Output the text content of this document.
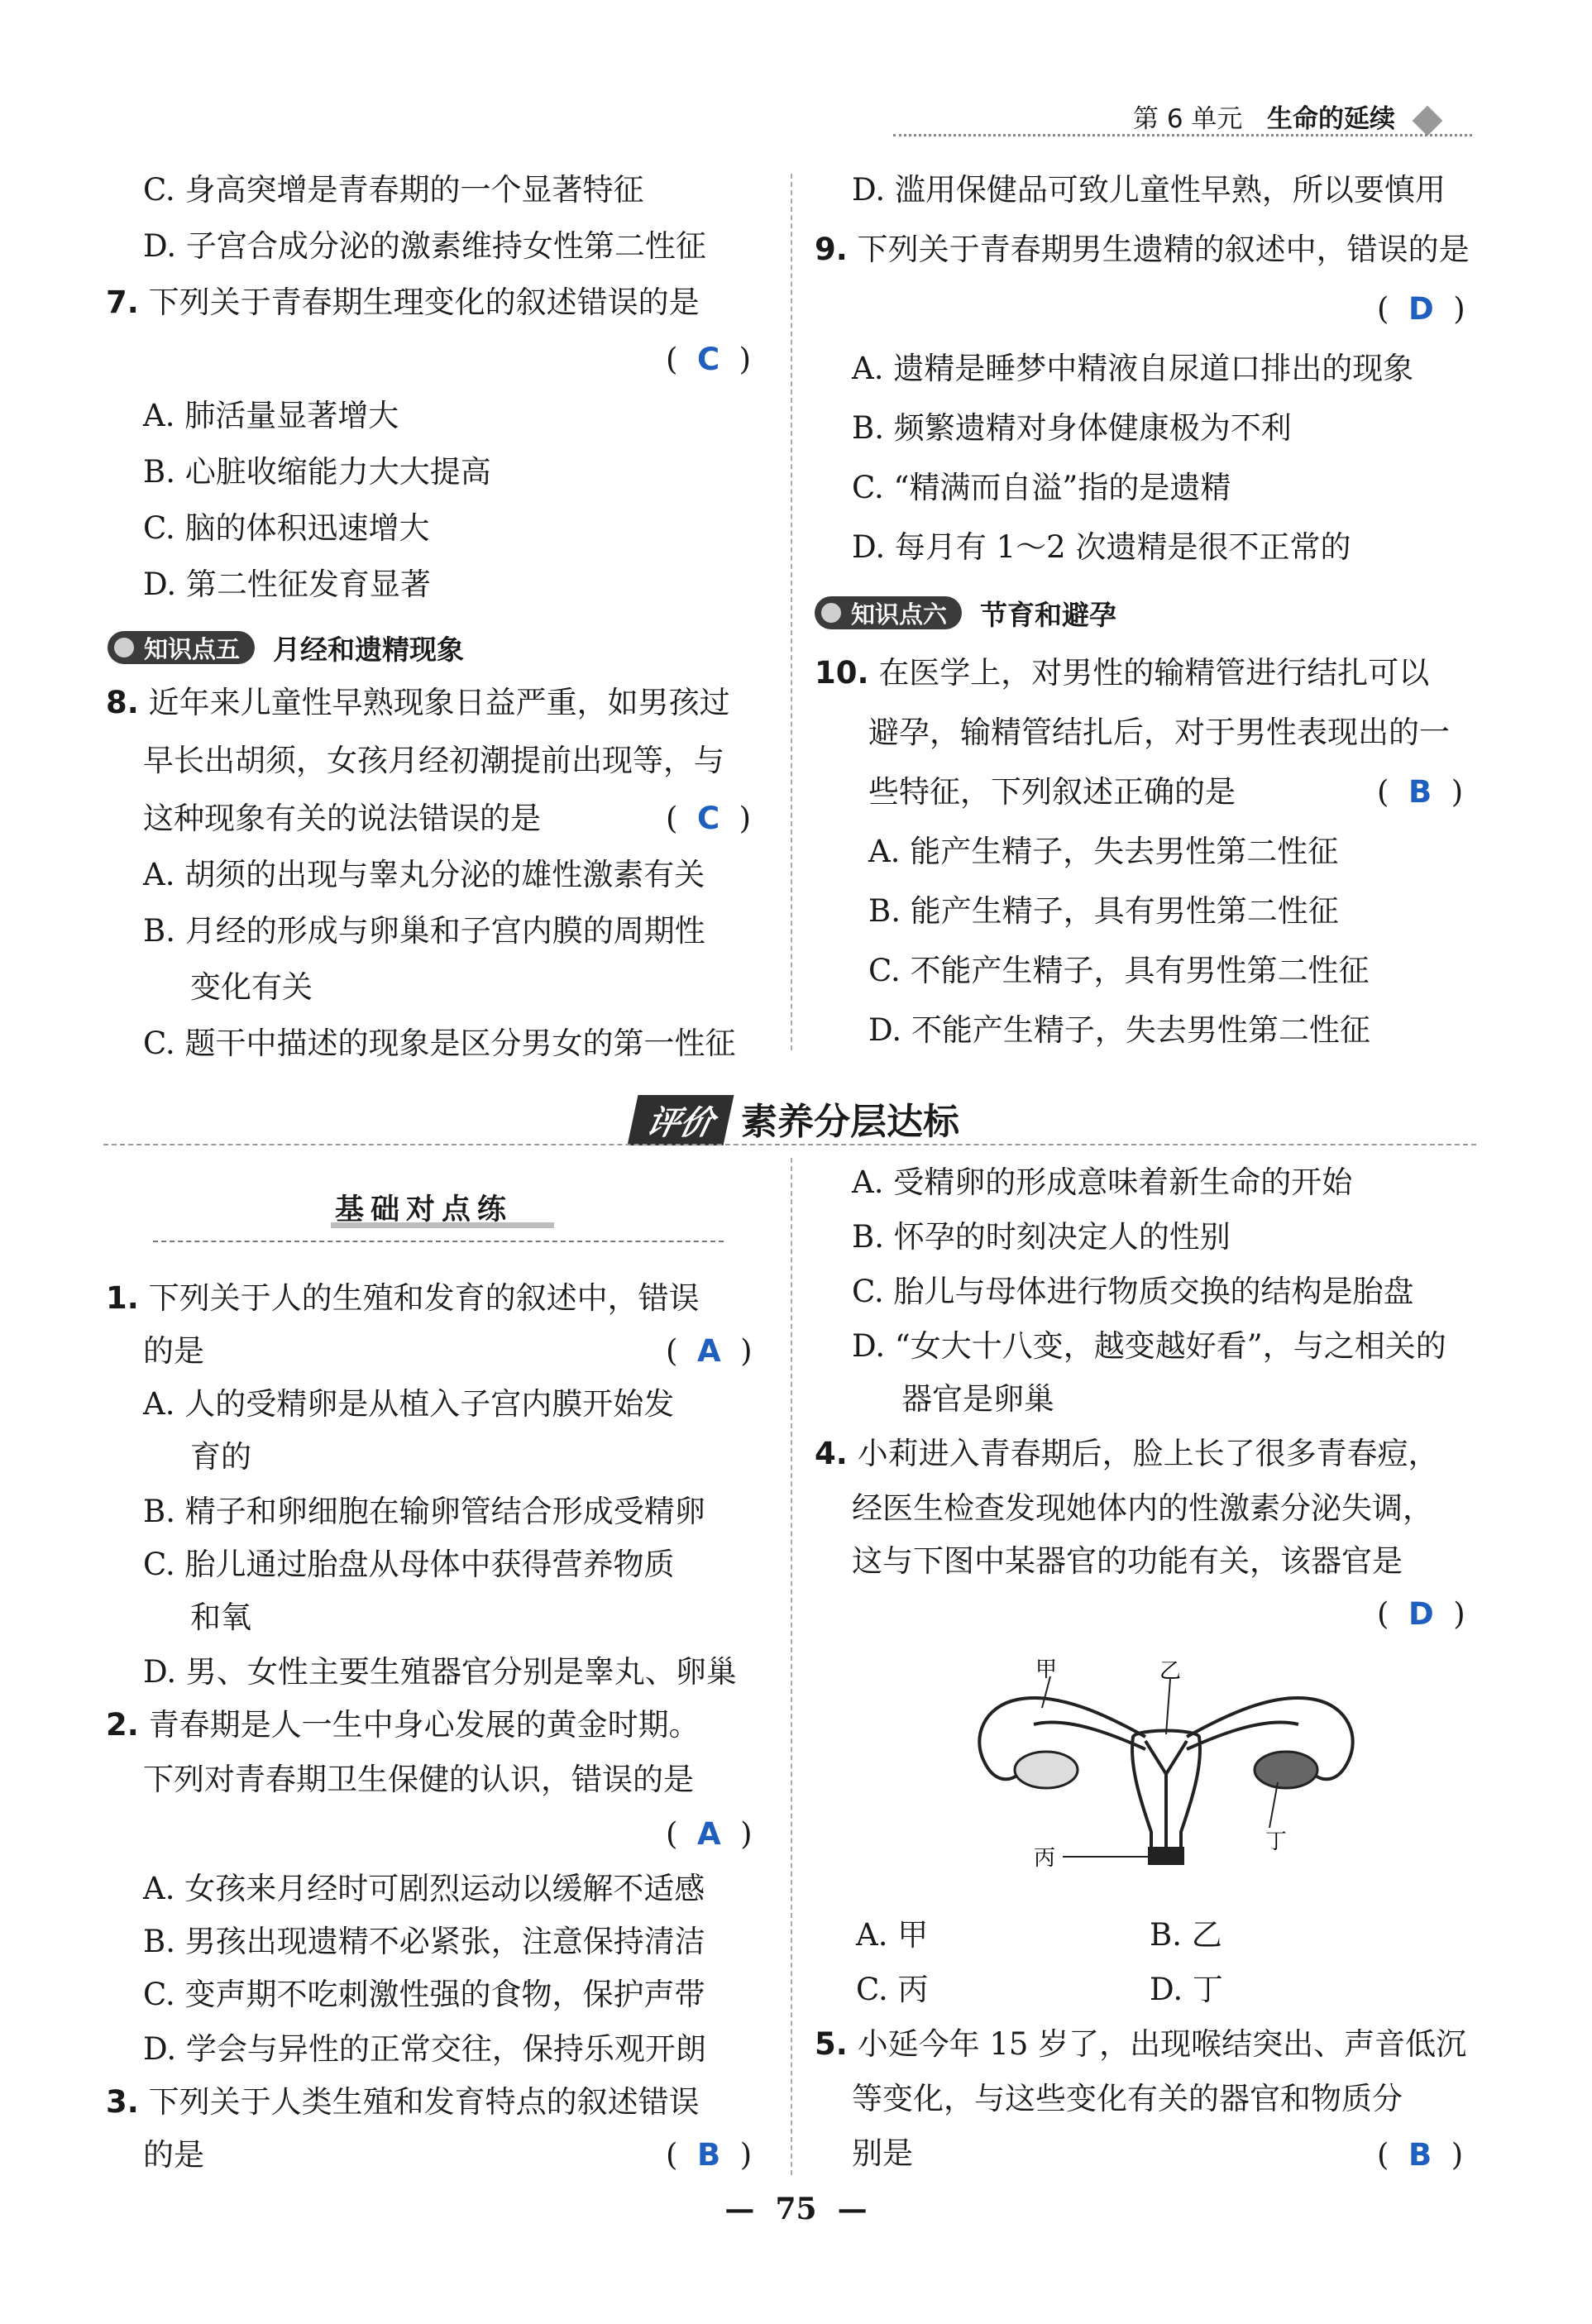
第 6 单元 生命的延续
C. 身高突增是青春期的一个显著特征
D. 子宫合成分泌的激素维持女性第二性征
7. 下列关于青春期生理变化的叙述错误的是
(  C  )
A. 肺活量显著增大
B. 心脏收缩能力大大提高
C. 脑的体积迅速增大
D. 第二性征发育显著
知识点五	月经和遗精现象
8. 近年来儿童性早熟现象日益严重，如男孩过
早长出胡须，女孩月经初潮提前出现等，与
这种现象有关的说法错误的是	(  C  )
A. 胡须的出现与睾丸分泌的雄性激素有关
B. 月经的形成与卵巢和子宫内膜的周期性
变化有关
C. 题干中描述的现象是区分男女的第一性征
D. 滥用保健品可致儿童性早熟，所以要慎用
9. 下列关于青春期男生遗精的叙述中，错误的是
(  D  )
A. 遗精是睡梦中精液自尿道口排出的现象
B. 频繁遗精对身体健康极为不利
C. “精满而自溢”指的是遗精
D. 每月有 1～2 次遗精是很不正常的
知识点六	节育和避孕
10. 在医学上，对男性的输精管进行结扎可以
避孕，输精管结扎后，对于男性表现出的一
些特征，下列叙述正确的是	(  B  )
A. 能产生精子，失去男性第二性征
B. 能产生精子，具有男性第二性征
C. 不能产生精子，具有男性第二性征
D. 不能产生精子，失去男性第二性征
评价 素养分层达标
基础对点练
1. 下列关于人的生殖和发育的叙述中，错误
的是	(  A  )
A. 人的受精卵是从植入子宫内膜开始发
育的
B. 精子和卵细胞在输卵管结合形成受精卵
C. 胎儿通过胎盘从母体中获得营养物质
和氧
D. 男、女性主要生殖器官分别是睾丸、卵巢
2. 青春期是人一生中身心发展的黄金时期。
下列对青春期卫生保健的认识，错误的是
(  A  )
A. 女孩来月经时可剧烈运动以缓解不适感
B. 男孩出现遗精不必紧张，注意保持清洁
C. 变声期不吃刺激性强的食物，保护声带
D. 学会与异性的正常交往，保持乐观开朗
3. 下列关于人类生殖和发育特点的叙述错误
的是	(  B  )
A. 受精卵的形成意味着新生命的开始
B. 怀孕的时刻决定人的性别
C. 胎儿与母体进行物质交换的结构是胎盘
D. “女大十八变，越变越好看”，与之相关的
器官是卵巢
4. 小莉进入青春期后，脸上长了很多青春痘，
经医生检查发现她体内的性激素分泌失调，
这与下图中某器官的功能有关，该器官是
(  D  )
甲	乙
丙
丁
A. 甲	B. 乙
C. 丙	D. 丁
5. 小延今年 15 岁了，出现喉结突出、声音低沉
等变化，与这些变化有关的器官和物质分
别是	(  B  )
—  75  —
